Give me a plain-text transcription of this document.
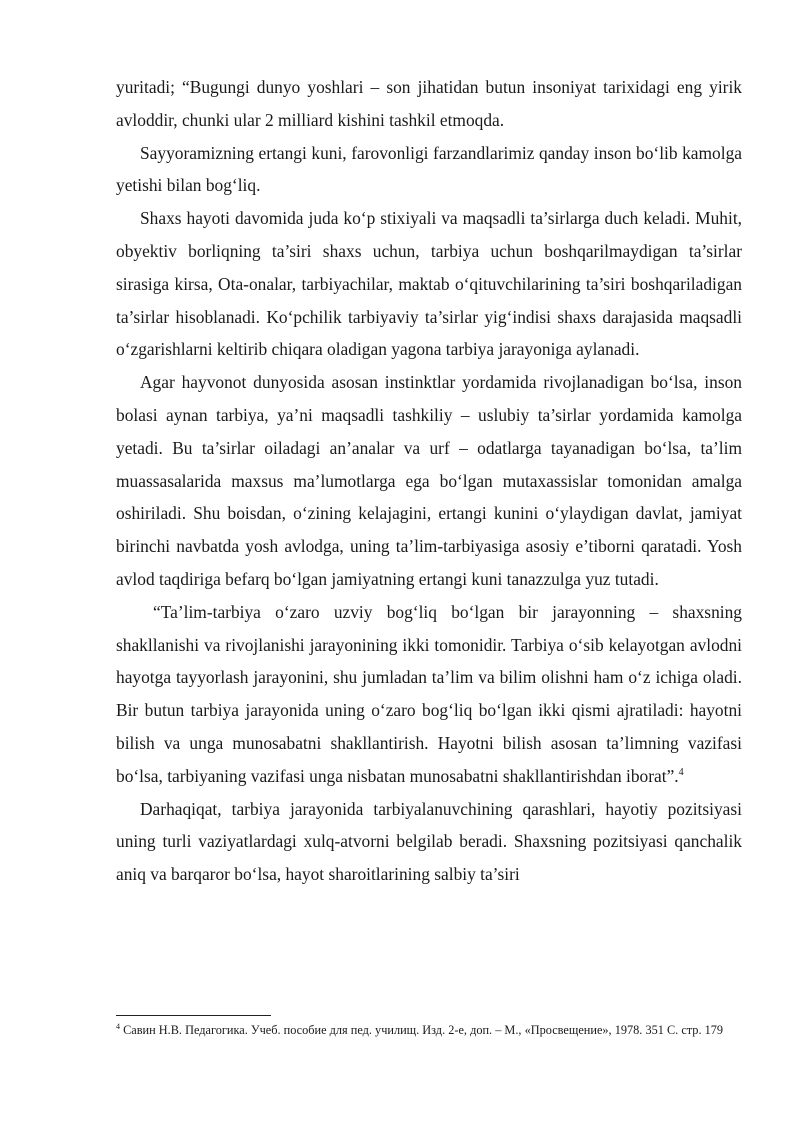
yuritadi; “Bugungi dunyo yoshlari – son jihatidan butun insoniyat tarixidagi eng yirik avloddir, chunki ular 2 milliard kishini tashkil etmoqda.

Sayyoramizning ertangi kuni, farovonligi farzandlarimiz qanday inson bo‘lib kamolga yetishi bilan bog‘liq.

Shaxs hayoti davomida juda ko‘p stixiyali va maqsadli ta’sirlarga duch keladi. Muhit, obyektiv borliqning ta’siri shaxs uchun, tarbiya uchun boshqarilmaydigan ta’sirlar sirasiga kirsa, Ota-onalar, tarbiyachilar, maktab o‘qituvchilarining ta’siri boshqariladigan ta’sirlar hisoblanadi. Ko‘pchilik tarbiyaviy ta’sirlar yig‘indisi shaxs darajasida maqsadli o‘zgarishlarni keltirib chiqara oladigan yagona tarbiya jarayoniga aylanadi.

Agar hayvonot dunyosida asosan instinktlar yordamida rivojlanadigan bo‘lsa, inson bolasi aynan tarbiya, ya’ni maqsadli tashkiliy – uslubiy ta’sirlar yordamida kamolga yetadi. Bu ta’sirlar oiladagi an’analar va urf – odatlarga tayanadigan bo‘lsa, ta’lim muassasalarida maxsus ma’lumotlarga ega bo‘lgan mutaxassislar tomonidan amalga oshiriladi. Shu boisdan, o‘zining kelajagini, ertangi kunini o‘ylaydigan davlat, jamiyat birinchi navbatda yosh avlodga, uning ta’lim-tarbiyasiga asosiy e’tiborni qaratadi. Yosh avlod taqdiriga befarq bo‘lgan jamiyatning ertangi kuni tanazzulga yuz tutadi.

“Ta’lim-tarbiya o‘zaro uzviy bog‘liq bo‘lgan bir jarayonning – shaxsning shakllanishi va rivojlanishi jarayonining ikki tomonidir. Tarbiya o‘sib kelayotgan avlodni hayotga tayyorlash jarayonini, shu jumladan ta’lim va bilim olishni ham o‘z ichiga oladi. Bir butun tarbiya jarayonida uning o‘zaro bog‘liq bo‘lgan ikki qismi ajratiladi: hayotni bilish va unga munosabatni shakllantirish. Hayotni bilish asosan ta’limning vazifasi bo‘lsa, tarbiyaning vazifasi unga nisbatan munosabatni shakllantirishdan iborat”.$^4$

Darhaqiqat, tarbiya jarayonida tarbiyalanuvchining qarashlari, hayotiy pozitsiyasi uning turli vaziyatlardagi xulq-atvorni belgilab beradi. Shaxsning pozitsiyasi qanchalik aniq va barqaror bo‘lsa, hayot sharoitlarining salbiy ta’siri

$^4$ Савин Н.В. Педагогика. Учеб. пособие для пед. училищ. Изд. 2-е, доп. – М., «Просвещение», 1978. 351 С. стр. 179
